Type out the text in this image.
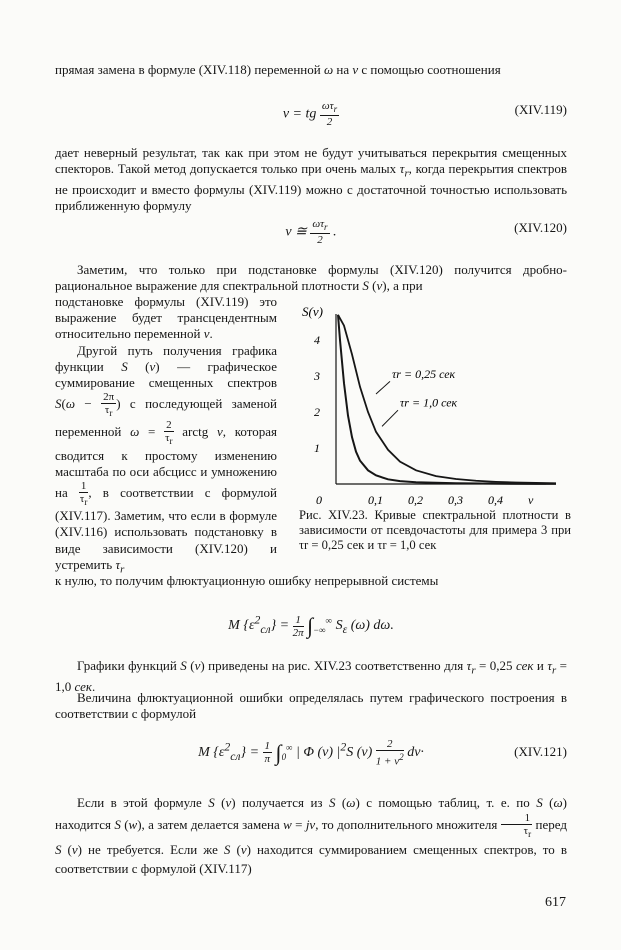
прямая замена в формуле (XIV.118) переменной ω на v с помощью соотношения
v = tg $\frac{\omega\tau_r}{2}$	(XIV.119)
дает неверный результат, так как при этом не будут учитываться перекрытия смещенных спекторов. Такой метод допускается только при очень малых $\tau_r$, когда перекрытия спектров не происходит и вместо формулы (XIV.119) можно с достаточной точностью использовать приближенную формулу
v ≅ $\frac{\omega\tau_r}{2}$ .	(XIV.120)
Заметим, что только при подстановке формулы (XIV.120) получится дробно-рациональное выражение для спектральной плотности S (v), а при
подстановке формулы (XIV.119) это выражение будет трансцендентным относительно переменной v.
Другой путь получения графика функции S (v) — графическое суммирование смещенных спектров $S(\omega - \frac{2\pi}{\tau_r}$ ) с последующей заменой переменной $\omega = \frac{2}{\tau_r}$ arctg v, которая сводится к простому изменению масштаба по оси абсцисс и умножению на $\frac{1}{\tau_r}$ , в соответствии с формулой (XIV.117). Заметим, что если в формуле (XIV.116) использовать подстановку в виде зависимости (XIV.120) и устремить $\tau_r$
S(v)
1
2
3
4
0	0,1 0,2 0,3 0,4 v
τr = 0,25 сек
τr = 1,0 сек
Рис. XIV.23. Кривые спектральной плотности в зависимости от псевдочастоты для примера 3 при τr = 0,25 сек и τr = 1,0 сек
к нулю, то получим флюктуационную ошибку непрерывной системы
M $\{\varepsilon^2_{сл}\} = \frac{1}{2\pi} \int_{-\infty}^\infty$ $S_\varepsilon$ (ω) dω.
Графики функций S (v) приведены на рис. XIV.23 соответственно для $\tau_r = 0,25$ сек и $\tau_r = 1,0$ сек.
Величина флюктуационной ошибки определялась путем графического построения в соответствии с формулой
M $\{\varepsilon^2_{сл}\} = \frac{1}{\pi} \int_0^\infty$ | Φ (v) $|^2S$ $(v) \frac{2}{1 + v^2} dv\cdot$	(XIV.121)
Если в этой формуле S (v) получается из S (ω) с помощью таблиц, т. е. по S (ω) находится S (w), а затем делается замена w = jv, то дополнительного множителя $\frac{1}{\tau_r}$ перед S (v) не требуется. Если же S (v) находится суммированием смещенных спектров, то в соответствии с формулой (XIV.117)
617
